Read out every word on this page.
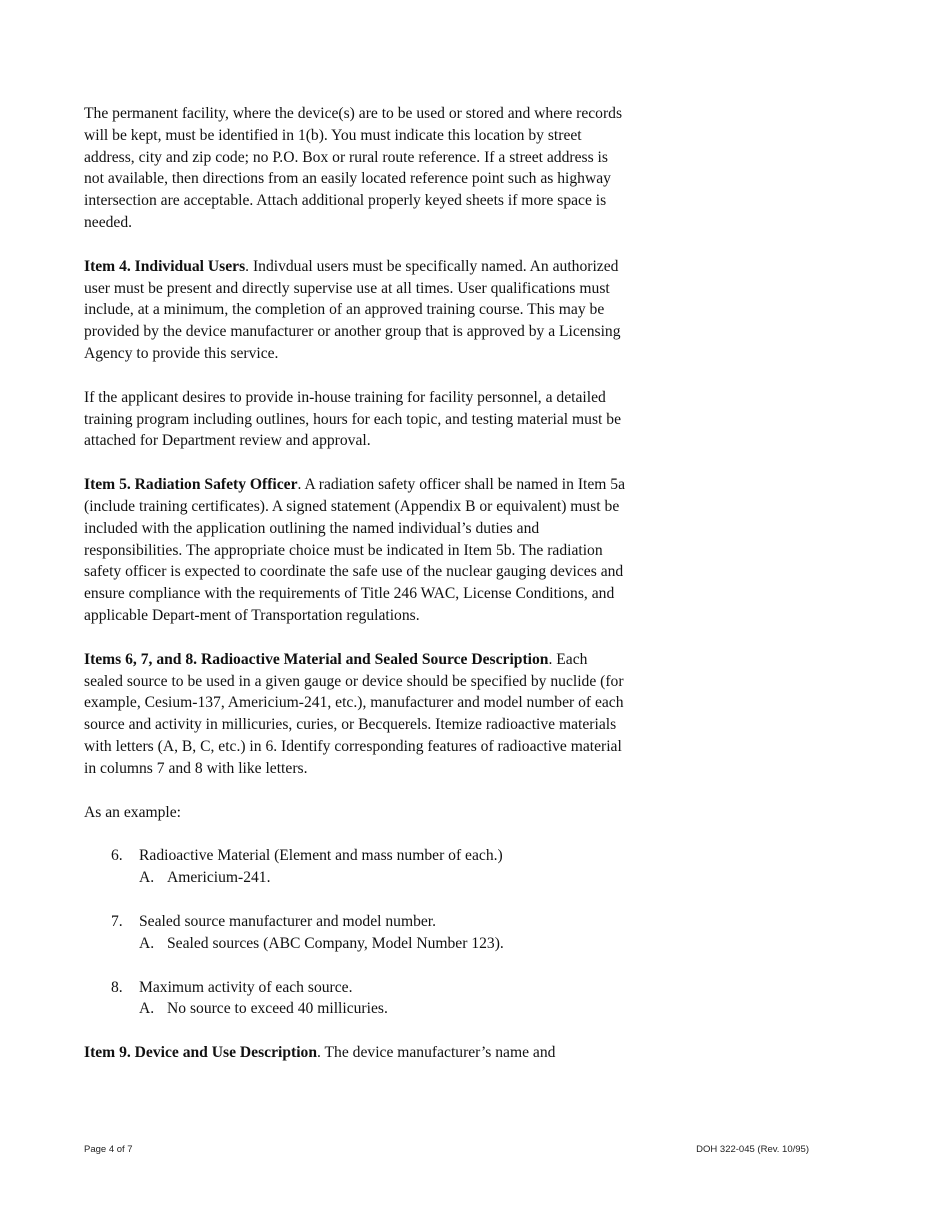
The permanent facility, where the device(s) are to be used or stored and where records will be kept, must be identified in 1(b). You must indicate this location by street address, city and zip code; no P.O. Box or rural route reference. If a street address is not available, then directions from an easily located reference point such as highway intersection are acceptable. Attach additional properly keyed sheets if more space is needed.

Item 4. Individual Users. Indivdual users must be specifically named. An authorized user must be present and directly supervise use at all times. User qualifications must include, at a minimum, the completion of an approved training course. This may be provided by the device manufacturer or another group that is approved by a Licensing Agency to provide this service.

If the applicant desires to provide in-house training for facility personnel, a detailed training program including outlines, hours for each topic, and testing material must be attached for Department review and approval.

Item 5. Radiation Safety Officer. A radiation safety officer shall be named in Item 5a (include training certificates). A signed statement (Appendix B or equivalent) must be included with the application outlining the named individual’s duties and responsibilities. The appropriate choice must be indicated in Item 5b. The radiation safety officer is expected to coordinate the safe use of the nuclear gauging devices and ensure compliance with the requirements of Title 246 WAC, License Conditions, and applicable Depart-ment of Transportation regulations.

Items 6, 7, and 8. Radioactive Material and Sealed Source Description. Each sealed source to be used in a given gauge or device should be specified by nuclide (for example, Cesium-137, Americium-241, etc.), manufacturer and model number of each source and activity in millicuries, curies, or Becquerels. Itemize radioactive materials with letters (A, B, C, etc.) in 6. Identify corresponding features of radioactive material in columns 7 and 8 with like letters.

As an example:

6.	Radioactive Material (Element and mass number of each.)
A. Americium-241.
7.	Sealed source manufacturer and model number.
A. Sealed sources (ABC Company, Model Number 123).
8.	Maximum activity of each source.
A. No source to exceed 40 millicuries.

Item 9. Device and Use Description. The device manufacturer’s name and

Page 4 of 7	DOH 322-045 (Rev. 10/95)
